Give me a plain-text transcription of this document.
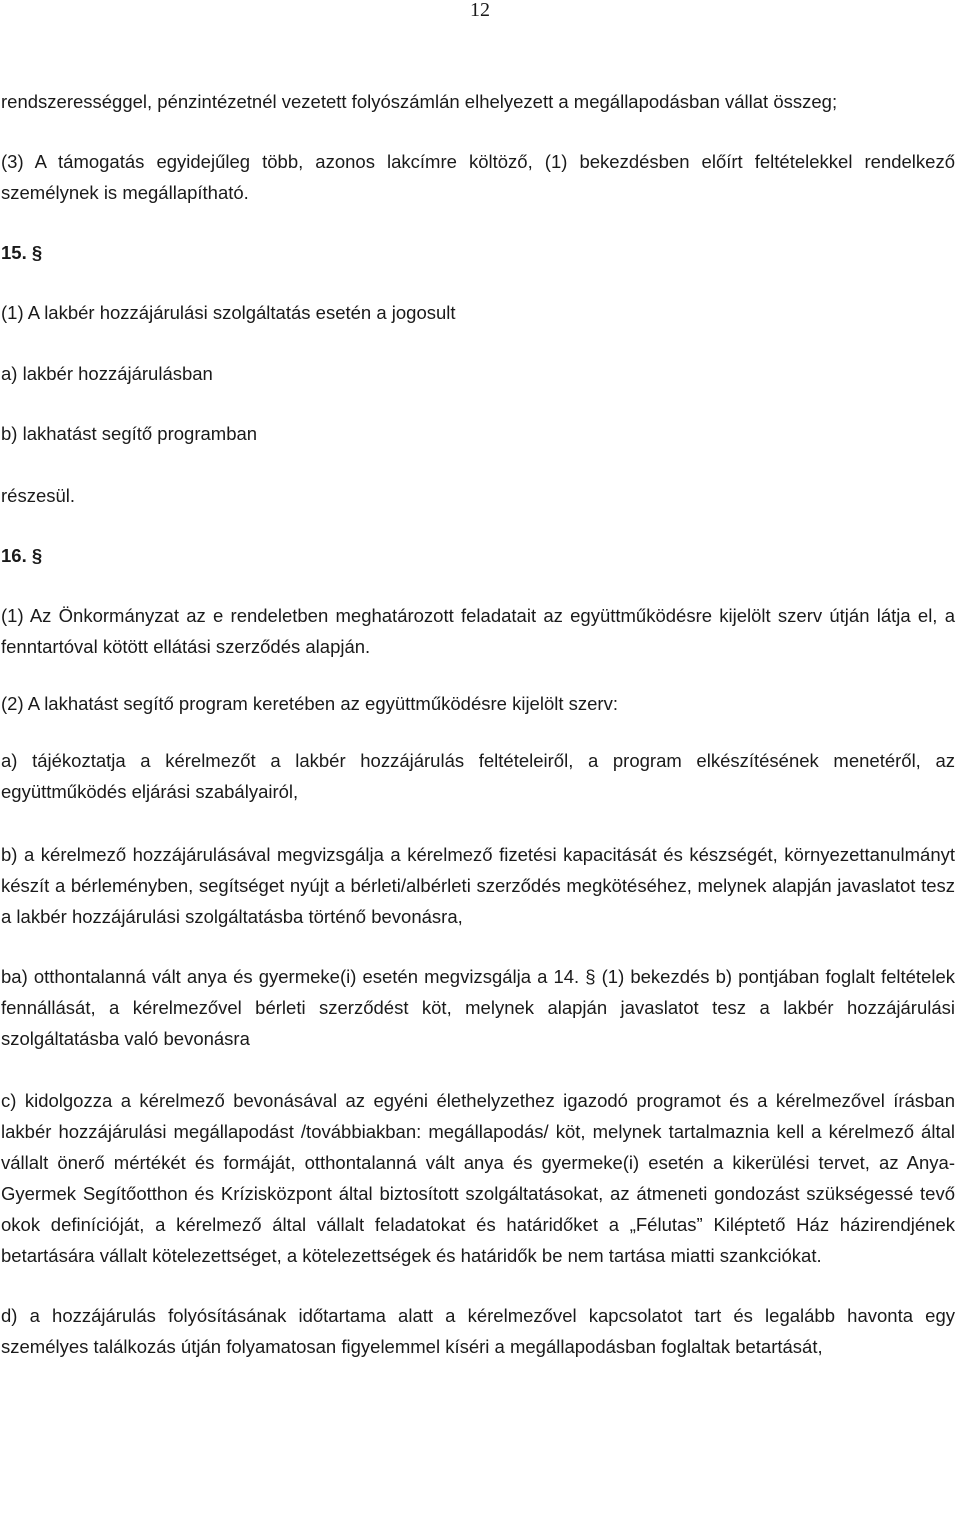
12

rendszerességgel, pénzintézetnél vezetett folyószámlán elhelyezett a megállapodásban vállat összeg;

(3) A támogatás egyidejűleg több, azonos lakcímre költöző, (1) bekezdésben előírt feltételekkel rendelkező személynek is megállapítható.

15. §

(1) A lakbér hozzájárulási szolgáltatás esetén a jogosult

a) lakbér hozzájárulásban

b) lakhatást segítő programban

részesül.

16. §

(1) Az Önkormányzat az e rendeletben meghatározott feladatait az együttműködésre kijelölt szerv útján látja el, a fenntartóval kötött ellátási szerződés alapján.

(2) A lakhatást segítő program keretében az együttműködésre kijelölt szerv:

a) tájékoztatja a kérelmezőt a lakbér hozzájárulás feltételeiről, a program elkészítésének menetéről, az együttműködés eljárási szabályairól,

b) a kérelmező hozzájárulásával megvizsgálja a kérelmező fizetési kapacitását és készségét, környezettanulmányt készít a bérleményben, segítséget nyújt a bérleti/albérleti szerződés megkötéséhez, melynek alapján javaslatot tesz a lakbér hozzájárulási szolgáltatásba történő bevonásra,

ba) otthontalanná vált anya és gyermeke(i) esetén megvizsgálja a 14. § (1) bekezdés b) pontjában foglalt feltételek fennállását, a kérelmezővel bérleti szerződést köt, melynek alapján javaslatot tesz a lakbér hozzájárulási szolgáltatásba való bevonásra

c) kidolgozza a kérelmező bevonásával az egyéni élethelyzethez igazodó programot és a kérelmezővel írásban lakbér hozzájárulási megállapodást /továbbiakban: megállapodás/ köt, melynek tartalmaznia kell a kérelmező által vállalt önerő mértékét és formáját, otthontalanná vált anya és gyermeke(i) esetén a kikerülési tervet, az Anya-Gyermek Segítőotthon és Krízisközpont által biztosított szolgáltatásokat, az átmeneti gondozást szükségessé tevő okok definícióját, a kérelmező által vállalt feladatokat és határidőket a „Félutas” Kiléptető Ház házirendjének betartására vállalt kötelezettséget, a kötelezettségek és határidők be nem tartása miatti szankciókat.

d) a hozzájárulás folyósításának időtartama alatt a kérelmezővel kapcsolatot tart és legalább havonta egy személyes találkozás útján folyamatosan figyelemmel kíséri a megállapodásban foglaltak betartását,
